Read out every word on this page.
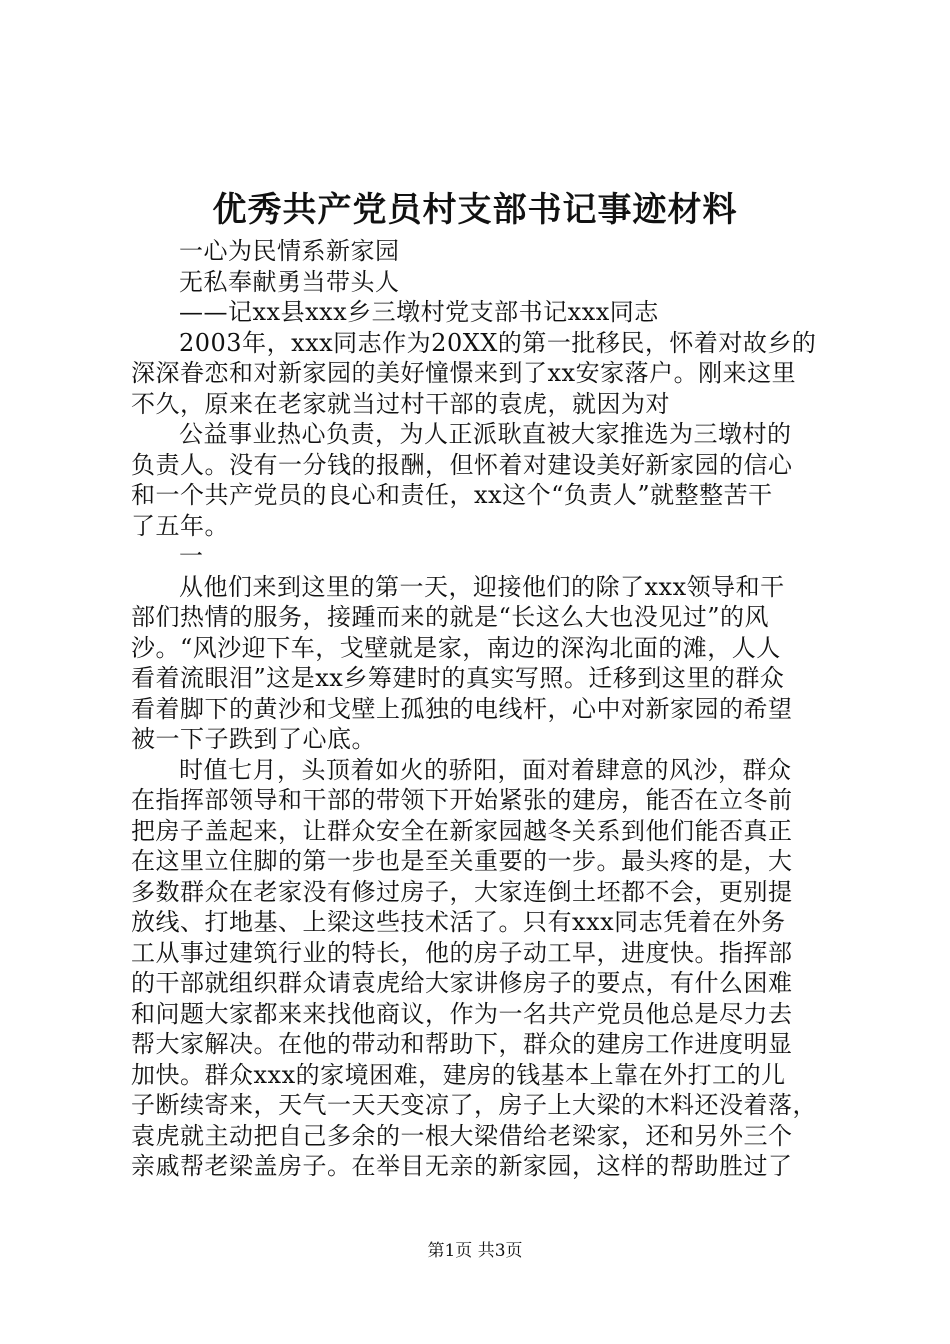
优秀共产党员村支部书记事迹材料
一心为民情系新家园
无私奉献勇当带头人
——记xx县xxx乡三墩村党支部书记xxx同志
2003年，xxx同志作为20XX的第一批移民，怀着对故乡的
深深眷恋和对新家园的美好憧憬来到了xx安家落户。刚来这里
不久，原来在老家就当过村干部的袁虎，就因为对
公益事业热心负责，为人正派耿直被大家推选为三墩村的
负责人。没有一分钱的报酬，但怀着对建设美好新家园的信心
和一个共产党员的良心和责任，xx这个“负责人”就整整苦干
了五年。
一
从他们来到这里的第一天，迎接他们的除了xxx领导和干
部们热情的服务，接踵而来的就是“长这么大也没见过”的风
沙。“风沙迎下车，戈壁就是家，南边的深沟北面的滩，人人
看着流眼泪”这是xx乡筹建时的真实写照。迁移到这里的群众
看着脚下的黄沙和戈壁上孤独的电线杆，心中对新家园的希望
被一下子跌到了心底。
时值七月，头顶着如火的骄阳，面对着肆意的风沙，群众
在指挥部领导和干部的带领下开始紧张的建房，能否在立冬前
把房子盖起来，让群众安全在新家园越冬关系到他们能否真正
在这里立住脚的第一步也是至关重要的一步。最头疼的是，大
多数群众在老家没有修过房子，大家连倒土坯都不会，更别提
放线、打地基、上梁这些技术活了。只有xxx同志凭着在外务
工从事过建筑行业的特长，他的房子动工早，进度快。指挥部
的干部就组织群众请袁虎给大家讲修房子的要点，有什么困难
和问题大家都来来找他商议，作为一名共产党员他总是尽力去
帮大家解决。在他的带动和帮助下，群众的建房工作进度明显
加快。群众xxx的家境困难，建房的钱基本上靠在外打工的儿
子断续寄来，天气一天天变凉了，房子上大梁的木料还没着落，
袁虎就主动把自己多余的一根大梁借给老梁家，还和另外三个
亲戚帮老梁盖房子。在举目无亲的新家园，这样的帮助胜过了
第1页 共3页
